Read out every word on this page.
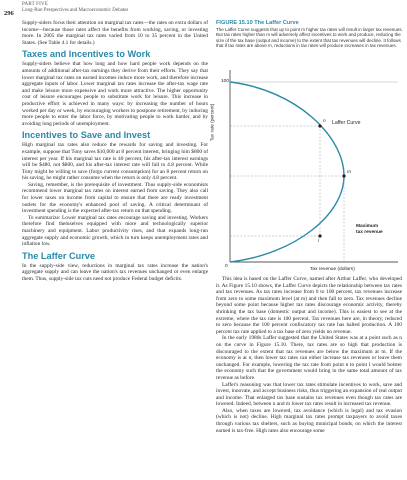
296
PART FIVE
Long-Run Perspectives and Macroeconomic Debates

Supply-siders focus their attention on marginal tax rates—the rates on extra dollars of income—because those rates affect the benefits from working, saving, or investing more. In 2005 the marginal tax rates varied from 10 to 35 percent in the United States. (See Table 4.1 for details.)

Taxes and Incentives to Work

Supply-siders believe that how long and how hard people work depends on the amounts of additional after-tax earnings they derive from their efforts. They say that lower marginal tax rates on earned incomes induce more work, and therefore increase aggregate inputs of labor. Lower marginal tax rates increase the after-tax wage rate and make leisure more expensive and work more attractive. The higher opportunity cost of leisure encourages people to substitute work for leisure. This increase in productive effort is achieved in many ways: by increasing the number of hours worked per day or week, by encouraging workers to postpone retirement, by inducing more people to enter the labor force, by motivating people to work harder, and by avoiding long periods of unemployment.

Incentives to Save and Invest

High marginal tax rates also reduce the rewards for saving and investing. For example, suppose that Tony saves $10,000 at 8 percent interest, bringing him $800 of interest per year. If his marginal tax rate is 40 percent, his after-tax interest earnings will be $480, not $800, and his after-tax interest rate will fall to 4.8 percent. While Tony might be willing to save (forgo current consumption) for an 8 percent return on his saving, he might rather consume when the return is only 4.8 percent.

Saving, remember, is the prerequisite of investment. Thus supply-side economists recommend lower marginal tax rates on interest earned from saving. They also call for lower taxes on income from capital to ensure that there are ready investment outlets for the economy's enhanced pool of saving. A critical determinant of investment spending is the expected after-tax return on that spending.

To summarize: Lower marginal tax rates encourage saving and investing. Workers therefore find themselves equipped with more and technologically superior machinery and equipment. Labor productivity rises, and that expands long-run aggregate supply and economic growth, which in turn keeps unemployment rates and inflation low.

The Laffer Curve

In the supply-side view, reductions in marginal tax rates increase the nation's aggregate supply and can leave the nation's tax revenues unchanged or even enlarge them. Thus, supply-side tax cuts need not produce Federal budget deficits.

FIGURE 15.10 The Laffer Curve
The Laffer Curve suggests that up to point m higher tax rates will result in larger tax revenues. But tax rates higher than m will adversely affect incentives to work and produce, reducing the size of the tax base (output and income) to the extent that tax revenues will decline. It follows that if tax rates are above m, reductions in tax rates will produce increases in tax revenues.
100
0
Tax rate (percent)
Tax revenue (dollars)
Laffer Curve
m
n
l
Maximum
tax revenue

This idea is based on the Laffer Curve, named after Arthur Laffer, who developed it. As Figure 15.10 shows, the Laffer Curve depicts the relationship between tax rates and tax revenues. As tax rates increase from 0 to 100 percent, tax revenues increase from zero to some maximum level (at m) and then fall to zero. Tax revenues decline beyond some point because higher tax rates discourage economic activity, thereby shrinking the tax base (domestic output and income). This is easiest to see at the extreme, where the tax rate is 100 percent. Tax revenues here are, in theory, reduced to zero because the 100 percent confiscatory tax rate has halted production. A 100 percent tax rate applied to a tax base of zero yields no revenue.

In the early 1980s Laffer suggested that the United States was at a point such as n on the curve in Figure 15.10. There, tax rates are so high that production is discouraged to the extent that tax revenues are below the maximum at m. If the economy is at n, then lower tax rates can either increase tax revenues or leave them unchanged. For example, lowering the tax rate from point n to point l would bolster the economy such that the government would bring in the same total amount of tax revenue as before.

Laffer's reasoning was that lower tax rates stimulate incentives to work, save and invest, innovate, and accept business risks, thus triggering an expansion of real output and income. That enlarged tax base sustains tax revenues even though tax rates are lowered. Indeed, between n and m lower tax rates result in increased tax revenue.

Also, when taxes are lowered, tax avoidance (which is legal) and tax evasion (which is not) decline. High marginal tax rates prompt taxpayers to avoid taxes through various tax shelters, such as buying municipal bonds, on which the interest earned is tax-free. High rates also encourage some
